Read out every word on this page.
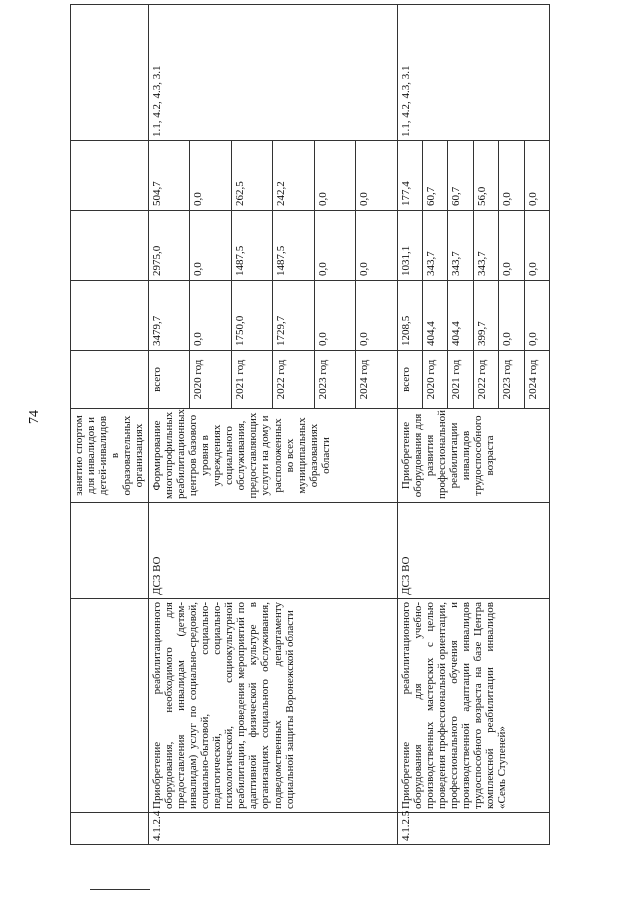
74
				занятию спортом для инвалидов и детей-инвалидов в образовательных организациях					
4.1.2.4	Приобретение реабилитационного оборудования, необходимого для предоставления инвалидам (детям-инвалидам) услуг по социально-средовой, социально-бытовой, социально-педагогической, социально-психологической, социокультурной реабилитации, проведения мероприятий по адаптивной физической культуре в организациях социального обслуживания, подведомственных департаменту социальной защиты Воронежской области	ДСЗ ВО	Формирование многопрофильных реабилитационных центров базового уровня в учреждениях социального обслуживания, предоставляющих услуги на дому и расположенных во всех муниципальных образованиях области	всего	3479,7	2975,0	504,7	1.1, 4.2, 4.3, 3.1
				2020 год	0,0	0,0	0,0	
				2021 год	1750,0	1487,5	262,5	
				2022 год	1729,7	1487,5	242,2	
				2023 год	0,0	0,0	0,0	
				2024 год	0,0	0,0	0,0	
4.1.2.5	Приобретение реабилитационного оборудования для учебно-производственных мастерских с целью проведения профессиональной ориентации, профессионального обучения и производственной адаптации инвалидов трудоспособного возраста на базе Центра комплексной реабилитации инвалидов «Семь Ступеней»	ДСЗ ВО	Приобретение оборудования для развития профессиональной реабилитации инвалидов трудоспособного возраста	всего	1208,5	1031,1	177,4	1.1, 4.2, 4.3, 3.1
				2020 год	404,4	343,7	60,7	
				2021 год	404,4	343,7	60,7	
				2022 год	399,7	343,7	56,0	
				2023 год	0,0	0,0	0,0	
				2024 год	0,0	0,0	0,0	
